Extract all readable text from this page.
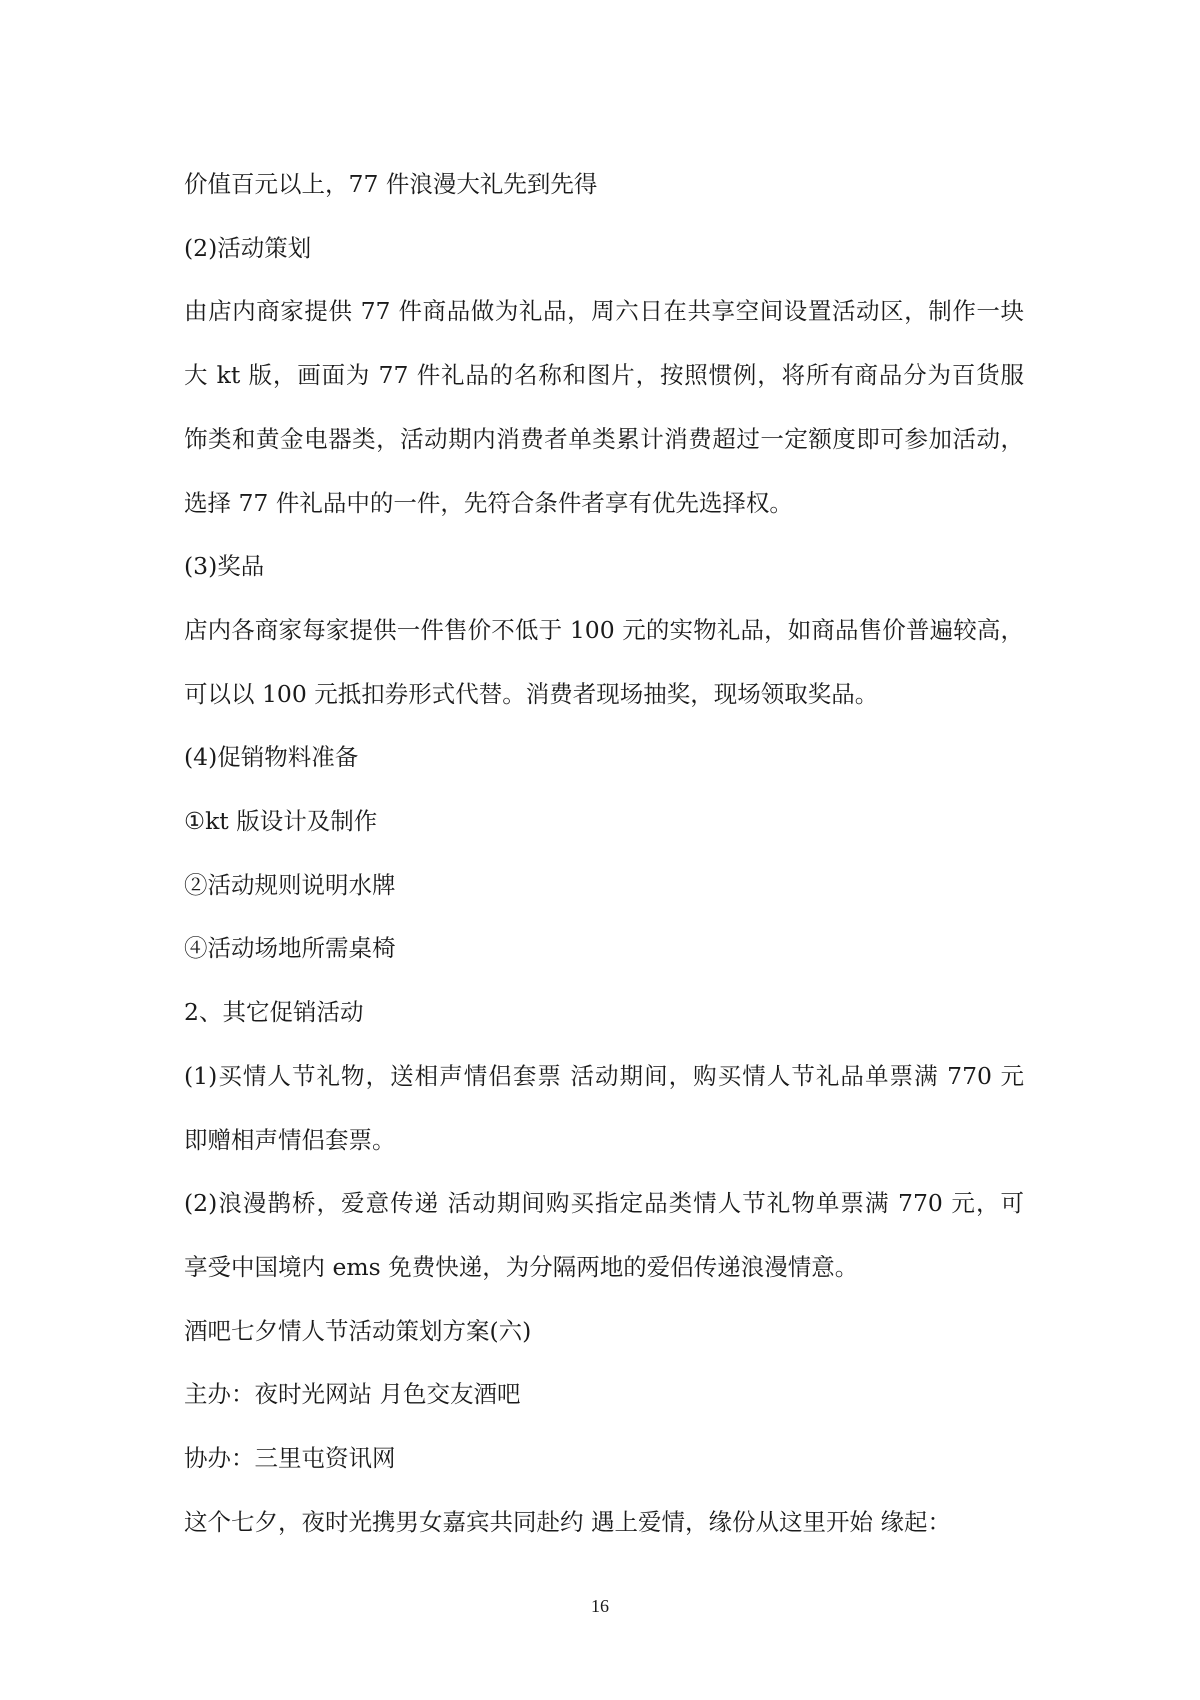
价值百元以上，77 件浪漫大礼先到先得

(2)活动策划

由店内商家提供 77 件商品做为礼品，周六日在共享空间设置活动区，制作一块

大 kt 版，画面为 77 件礼品的名称和图片，按照惯例，将所有商品分为百货服

饰类和黄金电器类，活动期内消费者单类累计消费超过一定额度即可参加活动，

选择 77 件礼品中的一件，先符合条件者享有优先选择权。

(3)奖品

店内各商家每家提供一件售价不低于 100 元的实物礼品，如商品售价普遍较高，

可以以 100 元抵扣券形式代替。消费者现场抽奖，现场领取奖品。

(4)促销物料准备

①kt 版设计及制作

②活动规则说明水牌

④活动场地所需桌椅

2、其它促销活动

(1)买情人节礼物，送相声情侣套票 活动期间，购买情人节礼品单票满 770 元

即赠相声情侣套票。

(2)浪漫鹊桥，爱意传递 活动期间购买指定品类情人节礼物单票满 770 元，可

享受中国境内 ems 免费快递，为分隔两地的爱侣传递浪漫情意。

酒吧七夕情人节活动策划方案(六)

主办：夜时光网站 月色交友酒吧

协办：三里屯资讯网

这个七夕，夜时光携男女嘉宾共同赴约 遇上爱情，缘份从这里开始 缘起：

16
